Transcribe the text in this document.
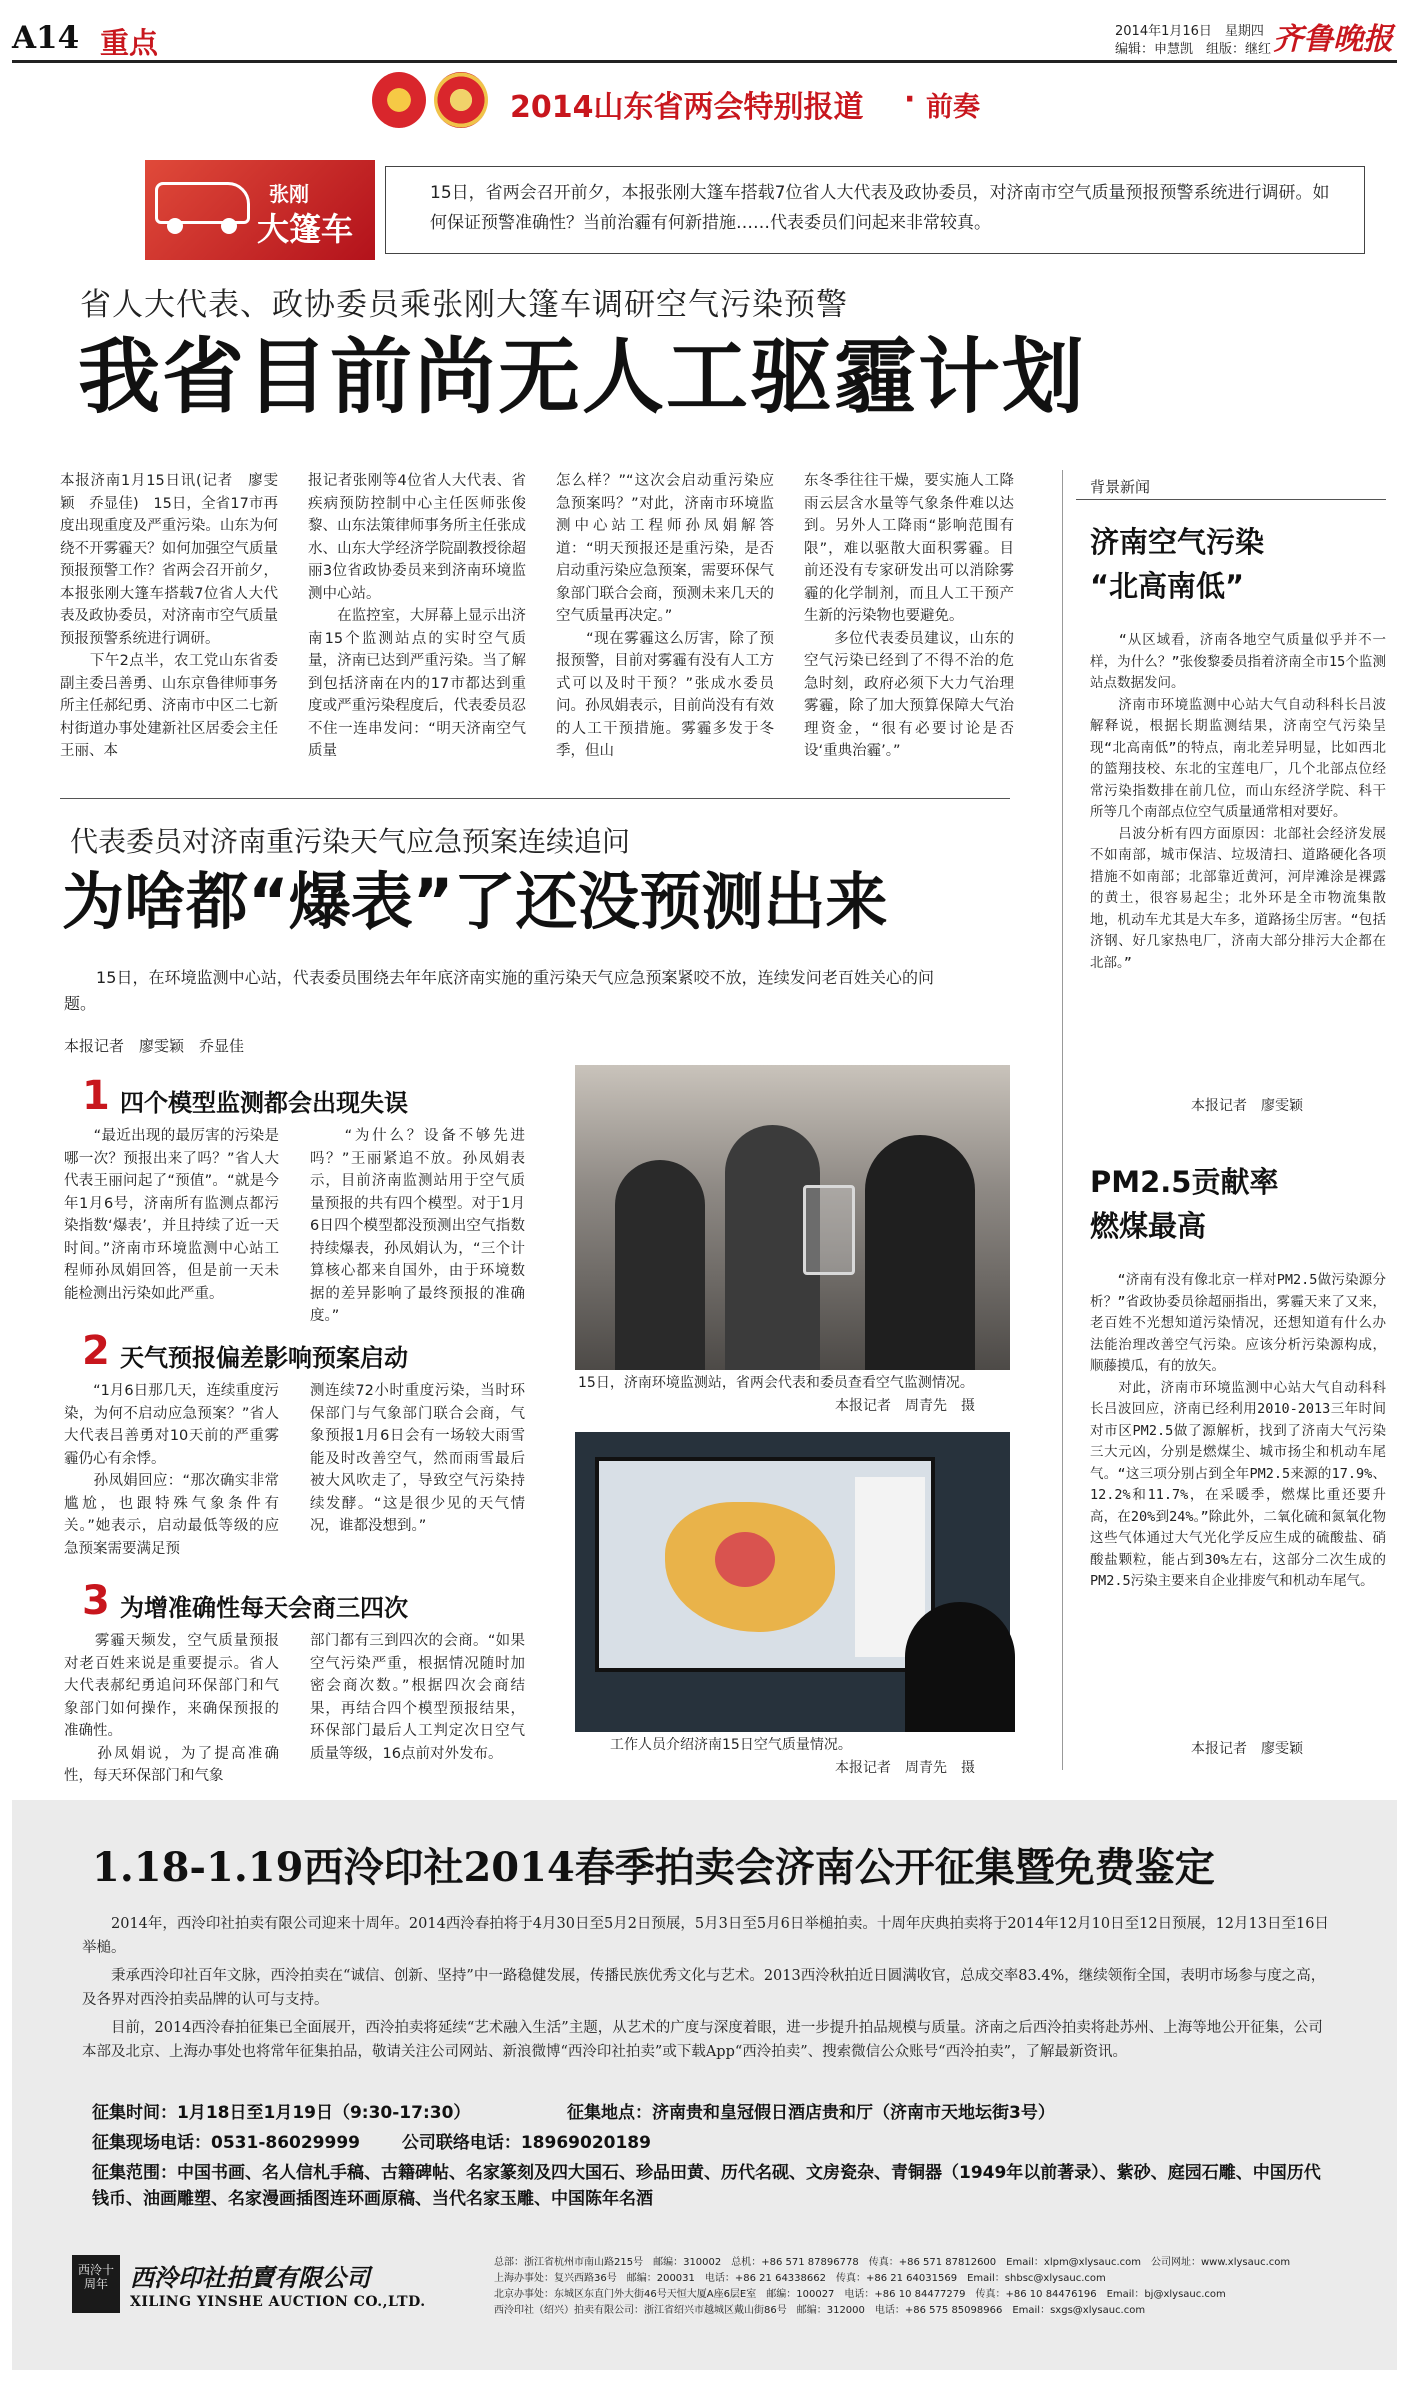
A14 重点	2014年1月16日　星期四
编辑：申慧凯　组版：继红 齐鲁晚报
2014山东省两会特别报道 · 前奏
张刚
大篷车
15日，省两会召开前夕，本报张刚大篷车搭载7位省人大代表及政协委员，对济南市空气质量预报预警系统进行调研。如何保证预警准确性？当前治霾有何新措施……代表委员们问起来非常较真。
省人大代表、政协委员乘张刚大篷车调研空气污染预警
我省目前尚无人工驱霾计划
本报济南1月15日讯(记者　廖雯颖　乔显佳)　15日，全省17市再度出现重度及严重污染。山东为何绕不开雾霾天？如何加强空气质量预报预警工作？省两会召开前夕，本报张刚大篷车搭载7位省人大代表及政协委员，对济南市空气质量预报预警系统进行调研。
　　下午2点半，农工党山东省委副主委吕善勇、山东京鲁律师事务所主任郝纪勇、济南市中区二七新村街道办事处建新社区居委会主任王丽、本
报记者张刚等4位省人大代表、省疾病预防控制中心主任医师张俊黎、山东法策律师事务所主任张成水、山东大学经济学院副教授徐超丽3位省政协委员来到济南环境监测中心站。
　　在监控室，大屏幕上显示出济南15个监测站点的实时空气质量，济南已达到严重污染。当了解到包括济南在内的17市都达到重度或严重污染程度后，代表委员忍不住一连串发问：“明天济南空气质量
怎么样？”“这次会启动重污染应急预案吗？”对此，济南市环境监测中心站工程师孙凤娟解答道：“明天预报还是重污染，是否启动重污染应急预案，需要环保气象部门联合会商，预测未来几天的空气质量再决定。”
　　“现在雾霾这么厉害，除了预报预警，目前对雾霾有没有人工方式可以及时干预？”张成水委员问。孙凤娟表示，目前尚没有有效的人工干预措施。雾霾多发于冬季，但山
东冬季往往干燥，要实施人工降雨云层含水量等气象条件难以达到。另外人工降雨“影响范围有限”，难以驱散大面积雾霾。目前还没有专家研发出可以消除雾霾的化学制剂，而且人工干预产生新的污染物也要避免。
　　多位代表委员建议，山东的空气污染已经到了不得不治的危急时刻，政府必须下大力气治理雾霾，除了加大预算保障大气治理资金，“很有必要讨论是否设‘重典治霾’。”
代表委员对济南重污染天气应急预案连续追问
为啥都“爆表”了还没预测出来
　　15日，在环境监测中心站，代表委员围绕去年年底济南实施的重污染天气应急预案紧咬不放，连续发问老百姓关心的问题。
本报记者　廖雯颖　乔显佳
1 四个模型监测都会出现失误
　　“最近出现的最厉害的污染是哪一次？预报出来了吗？”省人大代表王丽问起了“预值”。“就是今年1月6号，济南所有监测点都污染指数‘爆表’，并且持续了近一天时间。”济南市环境监测中心站工程师孙凤娟回答，但是前一天未能检测出污染如此严重。
　　“为什么？设备不够先进吗？”王丽紧追不放。孙凤娟表示，目前济南监测站用于空气质量预报的共有四个模型。对于1月6日四个模型都没预测出空气指数持续爆表，孙凤娟认为，“三个计算核心都来自国外，由于环境数据的差异影响了最终预报的准确度。”
2 天气预报偏差影响预案启动
　　“1月6日那几天，连续重度污染，为何不启动应急预案？”省人大代表吕善勇对10天前的严重雾霾仍心有余悸。
　　孙凤娟回应：“那次确实非常尴尬，也跟特殊气象条件有关。”她表示，启动最低等级的应急预案需要满足预
测连续72小时重度污染，当时环保部门与气象部门联合会商，气象预报1月6日会有一场较大雨雪能及时改善空气，然而雨雪最后被大风吹走了，导致空气污染持续发酵。“这是很少见的天气情况，谁都没想到。”
3 为增准确性每天会商三四次
　　雾霾天频发，空气质量预报对老百姓来说是重要提示。省人大代表郝纪勇追问环保部门和气象部门如何操作，来确保预报的准确性。
　　孙凤娟说，为了提高准确性，每天环保部门和气象
部门都有三到四次的会商。“如果空气污染严重，根据情况随时加密会商次数。”根据四次会商结果，再结合四个模型预报结果，环保部门最后人工判定次日空气质量等级，16点前对外发布。
15日，济南环境监测站，省两会代表和委员查看空气监测情况。
本报记者　周青先　摄
工作人员介绍济南15日空气质量情况。
本报记者　周青先　摄
背景新闻
济南空气污染
“北高南低”
　　“从区域看，济南各地空气质量似乎并不一样，为什么？”张俊黎委员指着济南全市15个监测站点数据发问。
　　济南市环境监测中心站大气自动科科长吕波解释说，根据长期监测结果，济南空气污染呈现“北高南低”的特点，南北差异明显，比如西北的篮翔技校、东北的宝莲电厂，几个北部点位经常污染指数排在前几位，而山东经济学院、科干所等几个南部点位空气质量通常相对要好。
　　吕波分析有四方面原因：北部社会经济发展不如南部，城市保洁、垃圾清扫、道路硬化各项措施不如南部；北部靠近黄河，河岸滩涂是裸露的黄土，很容易起尘；北外环是全市物流集散地，机动车尤其是大车多，道路扬尘厉害。“包括济钢、好几家热电厂，济南大部分排污大企都在北部。”
本报记者　廖雯颖
PM2.5贡献率
燃煤最高
　　“济南有没有像北京一样对PM2.5做污染源分析？”省政协委员徐超丽指出，雾霾天来了又来，老百姓不光想知道污染情况，还想知道有什么办法能治理改善空气污染。应该分析污染源构成，顺藤摸瓜，有的放矢。
　　对此，济南市环境监测中心站大气自动科科长吕波回应，济南已经利用2010-2013三年时间对市区PM2.5做了源解析，找到了济南大气污染三大元凶，分别是燃煤尘、城市扬尘和机动车尾气。“这三项分别占到全年PM2.5来源的17.9%、12.2%和11.7%，在采暖季，燃煤比重还要升高，在20%到24%。”除此外，二氧化硫和氮氧化物这些气体通过大气光化学反应生成的硫酸盐、硝酸盐颗粒，能占到30%左右，这部分二次生成的PM2.5污染主要来自企业排废气和机动车尾气。
本报记者　廖雯颖
1.18-1.19西泠印社2014春季拍卖会济南公开征集暨免费鉴定
　　2014年，西泠印社拍卖有限公司迎来十周年。2014西泠春拍将于4月30日至5月2日预展，5月3日至5月6日举槌拍卖。十周年庆典拍卖将于2014年12月10日至12日预展，12月13日至16日举槌。
　　秉承西泠印社百年文脉，西泠拍卖在“诚信、创新、坚持”中一路稳健发展，传播民族优秀文化与艺术。2013西泠秋拍近日圆满收官，总成交率83.4%，继续领衔全国，表明市场参与度之高，及各界对西泠拍卖品牌的认可与支持。
　　目前，2014西泠春拍征集已全面展开，西泠拍卖将延续“艺术融入生活”主题，从艺术的广度与深度着眼，进一步提升拍品规模与质量。济南之后西泠拍卖将赴苏州、上海等地公开征集，公司本部及北京、上海办事处也将常年征集拍品，敬请关注公司网站、新浪微博“西泠印社拍卖”或下载App“西泠拍卖”、搜索微信公众账号“西泠拍卖”，了解最新资讯。
征集时间：1月18日至1月19日（9:30-17:30）	征集地点：济南贵和皇冠假日酒店贵和厅（济南市天地坛街3号）
征集现场电话：0531-86029999 公司联络电话：18969020189
征集范围：中国书画、名人信札手稿、古籍碑帖、名家篆刻及四大国石、珍品田黄、历代名砚、文房瓷杂、青铜器（1949年以前著录）、紫砂、庭园石雕、中国历代钱币、油画雕塑、名家漫画插图连环画原稿、当代名家玉雕、中国陈年名酒
西泠十周年 西泠印社拍賣有限公司
XILING YINSHE AUCTION CO.,LTD.
总部：浙江省杭州市南山路215号　邮编：310002　总机：+86 571 87896778　传真：+86 571 87812600　Email：xlpm@xlysauc.com　公司网址：www.xlysauc.com
上海办事处：复兴西路36号　邮编：200031　电话：+86 21 64338662　传真：+86 21 64031569　Email：shbsc@xlysauc.com
北京办事处：东城区东直门外大街46号天恒大厦A座6层E室　邮编：100027　电话：+86 10 84477279　传真：+86 10 84476196　Email：bj@xlysauc.com
西泠印社（绍兴）拍卖有限公司：浙江省绍兴市越城区戴山街86号　邮编：312000　电话：+86 575 85098966　Email：sxgs@xlysauc.com
